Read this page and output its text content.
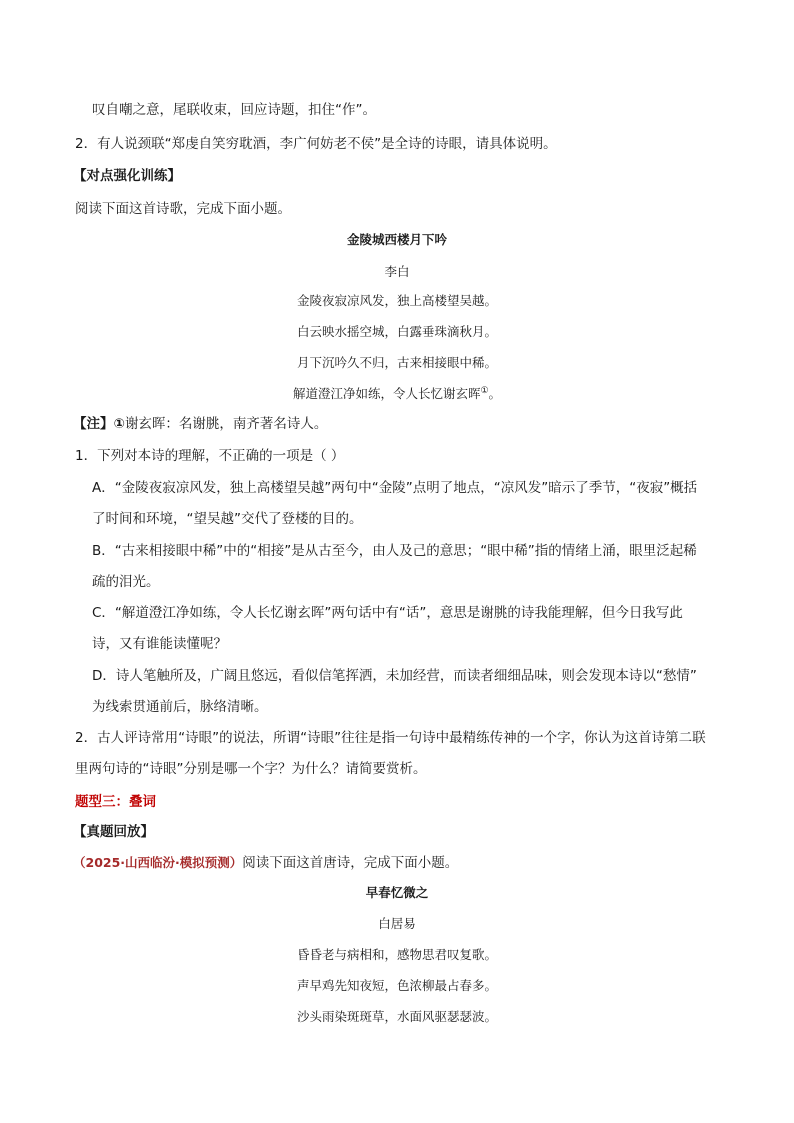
叹自嘲之意，尾联收束，回应诗题，扣住“作”。
2．有人说颈联“郑虔自笑穷耽酒，李广何妨老不侯”是全诗的诗眼，请具体说明。
【对点强化训练】
阅读下面这首诗歌，完成下面小题。
金陵城西楼月下吟
李白
金陵夜寂凉风发，独上高楼望吴越。
白云映水摇空城，白露垂珠滴秋月。
月下沉吟久不归，古来相接眼中稀。
解道澄江净如练，令人长忆谢玄晖①。
【注】①谢玄晖：名谢朓，南齐著名诗人。
1．下列对本诗的理解，不正确的一项是（ ）
A．“金陵夜寂凉风发，独上高楼望吴越”两句中“金陵”点明了地点，“凉风发”暗示了季节，“夜寂”概括
了时间和环境，“望吴越”交代了登楼的目的。
B．“古来相接眼中稀”中的“相接”是从古至今，由人及己的意思；“眼中稀”指的情绪上涌，眼里泛起稀
疏的泪光。
C．“解道澄江净如练，令人长忆谢玄晖”两句话中有“话”，意思是谢朓的诗我能理解，但今日我写此
诗，又有谁能读懂呢？
D．诗人笔触所及，广阔且悠远，看似信笔挥洒，未加经营，而读者细细品味，则会发现本诗以“愁情”
为线索贯通前后，脉络清晰。
2．古人评诗常用“诗眼”的说法，所谓“诗眼”往往是指一句诗中最精练传神的一个字，你认为这首诗第二联
里两句诗的“诗眼”分别是哪一个字？为什么？请简要赏析。
题型三：叠词
【真题回放】
（2025·山西临汾·模拟预测）阅读下面这首唐诗，完成下面小题。
早春忆微之
白居易
昏昏老与病相和，感物思君叹复歌。
声早鸡先知夜短，色浓柳最占春多。
沙头雨染斑斑草，水面风驱瑟瑟波。
